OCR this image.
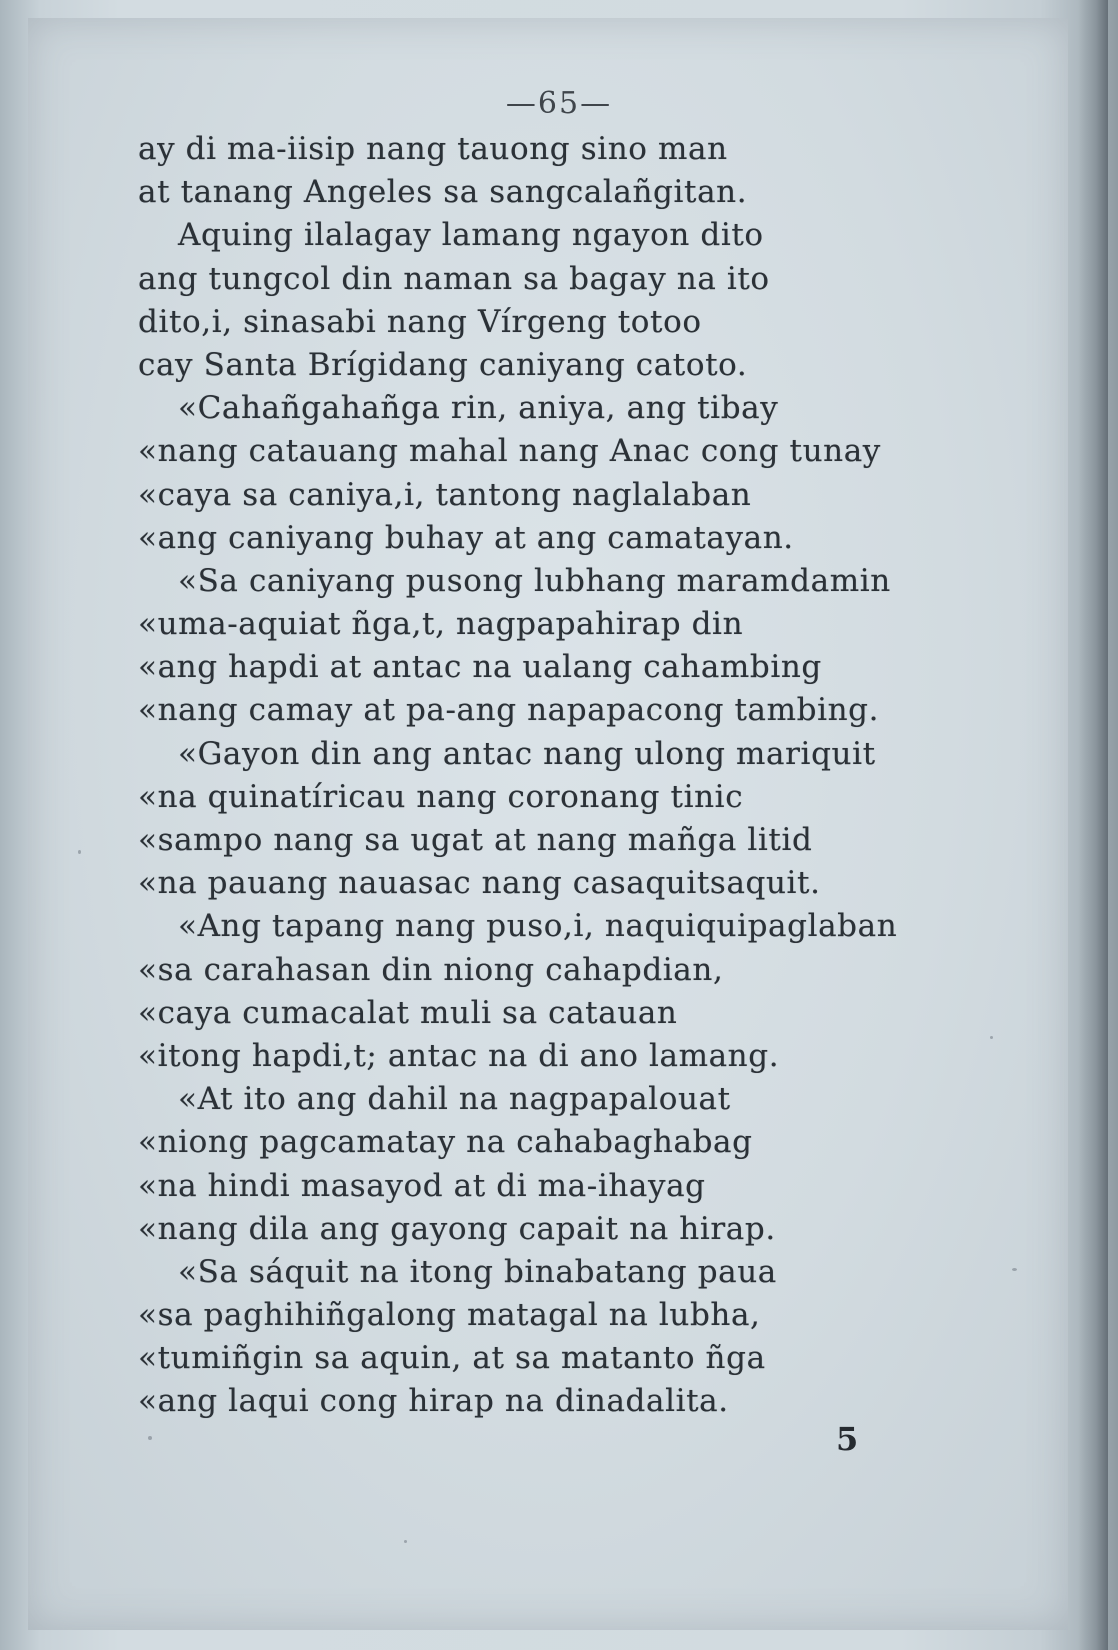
—65—
ay di ma-iisip nang tauong sino man
at tanang Angeles sa sangcalañgitan.
Aquing ilalagay lamang ngayon dito
ang tungcol din naman sa bagay na ito
dito,i, sinasabi nang Vírgeng totoo
cay Santa Brígidang caniyang catoto.
«Cahañgahañga rin, aniya, ang tibay
«nang catauang mahal nang Anac cong tunay
«caya sa caniya,i, tantong naglalaban
«ang caniyang buhay at ang camatayan.
«Sa caniyang pusong lubhang maramdamin
«uma-aquiat ñga,t, nagpapahirap din
«ang hapdi at antac na ualang cahambing
«nang camay at pa-ang napapacong tambing.
«Gayon din ang antac nang ulong mariquit
«na quinatíricau nang coronang tinic
«sampo nang sa ugat at nang mañga litid
«na pauang nauasac nang casaquitsaquit.
«Ang tapang nang puso,i, naquiquipaglaban
«sa carahasan din niong cahapdian,
«caya cumacalat muli sa catauan
«itong hapdi,t; antac na di ano lamang.
«At ito ang dahil na nagpapalouat
«niong pagcamatay na cahabaghabag
«na hindi masayod at di ma-ihayag
«nang dila ang gayong capait na hirap.
«Sa sáquit na itong binabatang paua
«sa paghihiñgalong matagal na lubha,
«tumiñgin sa aquin, at sa matanto ñga
«ang laqui cong hirap na dinadalita.
5
